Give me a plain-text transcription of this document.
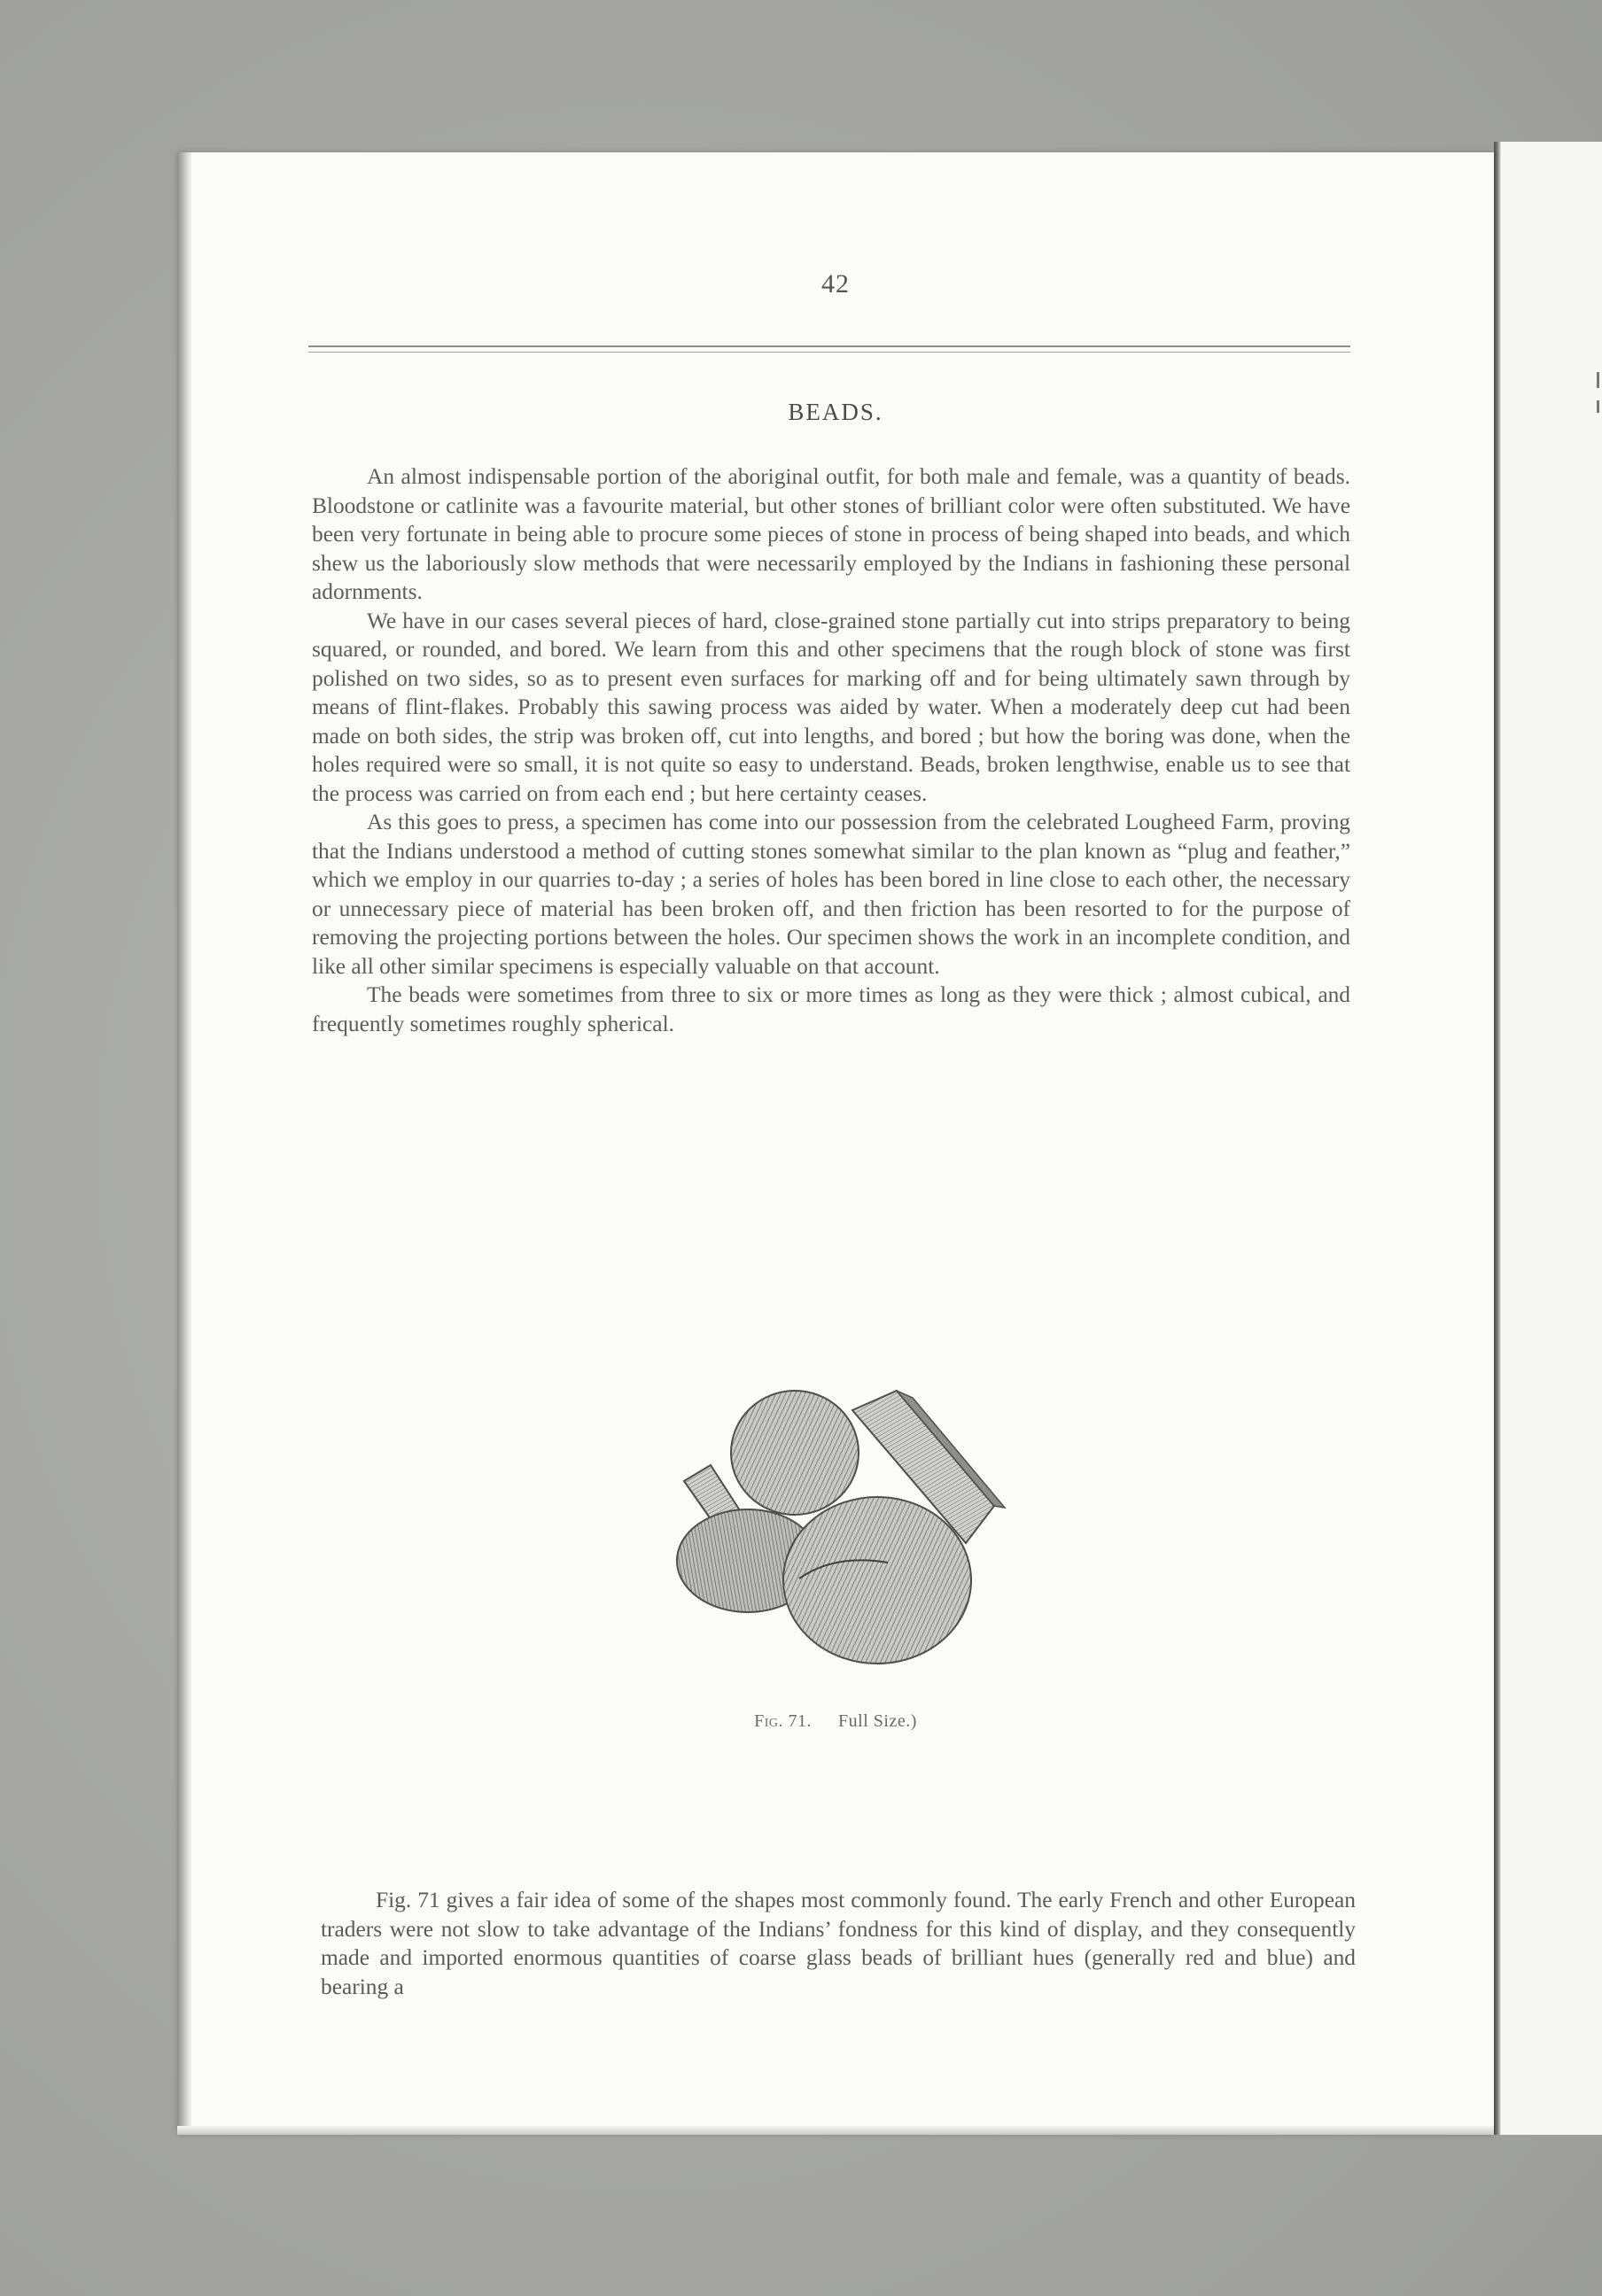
42
BEADS.

An almost indispensable portion of the aboriginal outfit, for both male and female, was a quantity of beads. Bloodstone or catlinite was a favourite material, but other stones of brilliant color were often substituted. We have been very fortunate in being able to procure some pieces of stone in process of being shaped into beads, and which shew us the laboriously slow methods that were necessarily employed by the Indians in fashioning these personal adornments.

We have in our cases several pieces of hard, close-grained stone partially cut into strips preparatory to being squared, or rounded, and bored. We learn from this and other specimens that the rough block of stone was first polished on two sides, so as to present even surfaces for marking off and for being ultimately sawn through by means of flint-flakes. Probably this sawing process was aided by water. When a moderately deep cut had been made on both sides, the strip was broken off, cut into lengths, and bored ; but how the boring was done, when the holes required were so small, it is not quite so easy to understand. Beads, broken lengthwise, enable us to see that the process was carried on from each end ; but here certainty ceases.

As this goes to press, a specimen has come into our possession from the celebrated Lougheed Farm, proving that the Indians understood a method of cutting stones somewhat similar to the plan known as “plug and feather,” which we employ in our quarries to-day ; a series of holes has been bored in line close to each other, the necessary or unnecessary piece of material has been broken off, and then friction has been resorted to for the purpose of removing the projecting portions between the holes. Our specimen shows the work in an incomplete condition, and like all other similar specimens is especially valuable on that account.

The beads were sometimes from three to six or more times as long as they were thick ; almost cubical, and frequently sometimes roughly spherical.

Fig. 71. Full Size.)

Fig. 71 gives a fair idea of some of the shapes most commonly found. The early French and other European traders were not slow to take advantage of the Indians’ fondness for this kind of display, and they consequently made and imported enormous quantities of coarse glass beads of brilliant hues (generally red and blue) and bearing a
